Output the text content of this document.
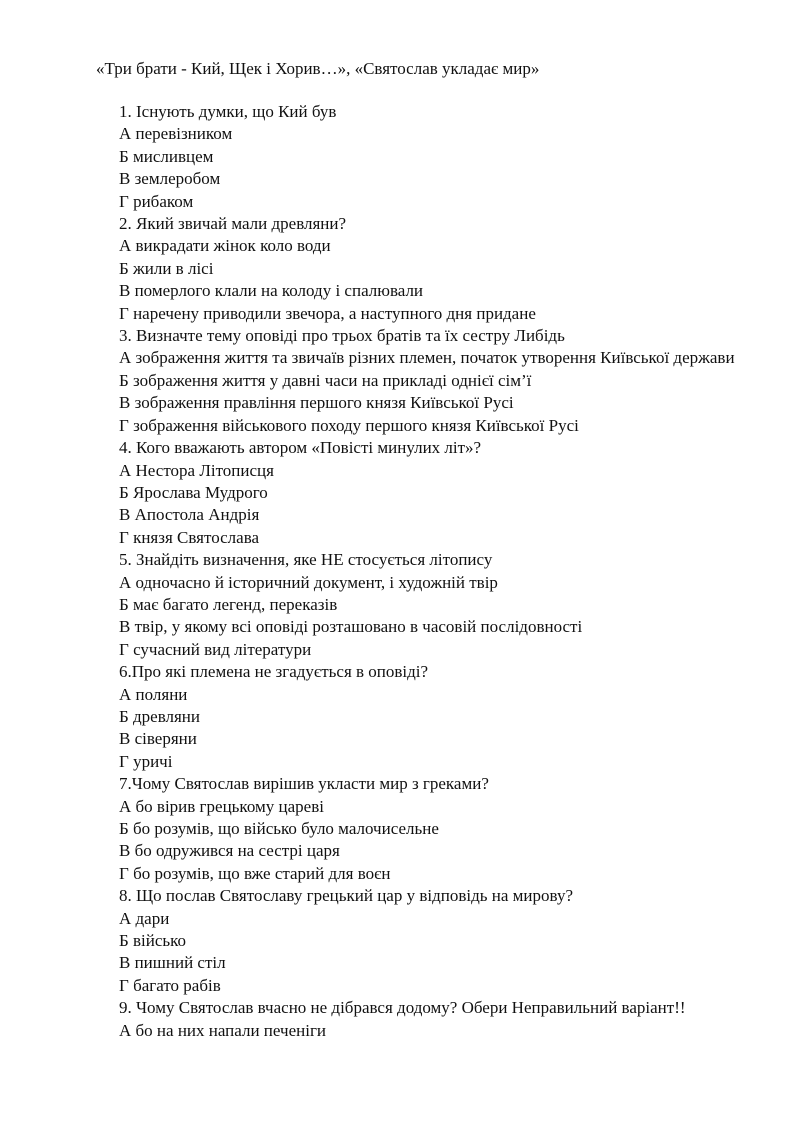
«Три брати - Кий, Щек і Хорив…», «Святослав укладає мир»
1. Існують думки, що Кий був
А перевізником
Б мисливцем
В землеробом
Г рибаком
2. Який звичай мали древляни?
А викрадати жінок коло води
Б жили в лісі
В померлого клали на колоду і спалювали
Г наречену приводили звечора, а наступного дня придане
3. Визначте тему оповіді про трьох братів та їх сестру Либідь
А зображення життя та звичаїв різних племен, початок утворення Київської держави
Б зображення життя у давні часи на прикладі однієї сім’ї
В зображення правління першого князя Київської Русі
Г зображення військового походу першого князя Київської Русі
4. Кого вважають автором «Повісті минулих літ»?
А Нестора Літописця
Б Ярослава Мудрого
В Апостола Андрія
Г князя Святослава
5. Знайдіть визначення, яке НЕ стосується літопису
А одночасно й історичний документ, і художній твір
Б має багато легенд, переказів
В твір, у якому всі оповіді розташовано в часовій послідовності
Г сучасний вид літератури
6.Про які племена не згадується в оповіді?
А поляни
Б древляни
В сіверяни
Г уричі
7.Чому Святослав вирішив укласти мир з греками?
А бо вірив грецькому цареві
Б бо розумів, що військо було малочисельне
В бо одружився на сестрі царя
Г бо розумів, що вже старий для воєн
8. Що послав Святославу грецький цар у відповідь на мирову?
А дари
Б військо
В пишний стіл
Г багато рабів
9. Чому Святослав вчасно не дібрався додому? Обери Неправильний варіант!!
А бо на них напали печеніги
